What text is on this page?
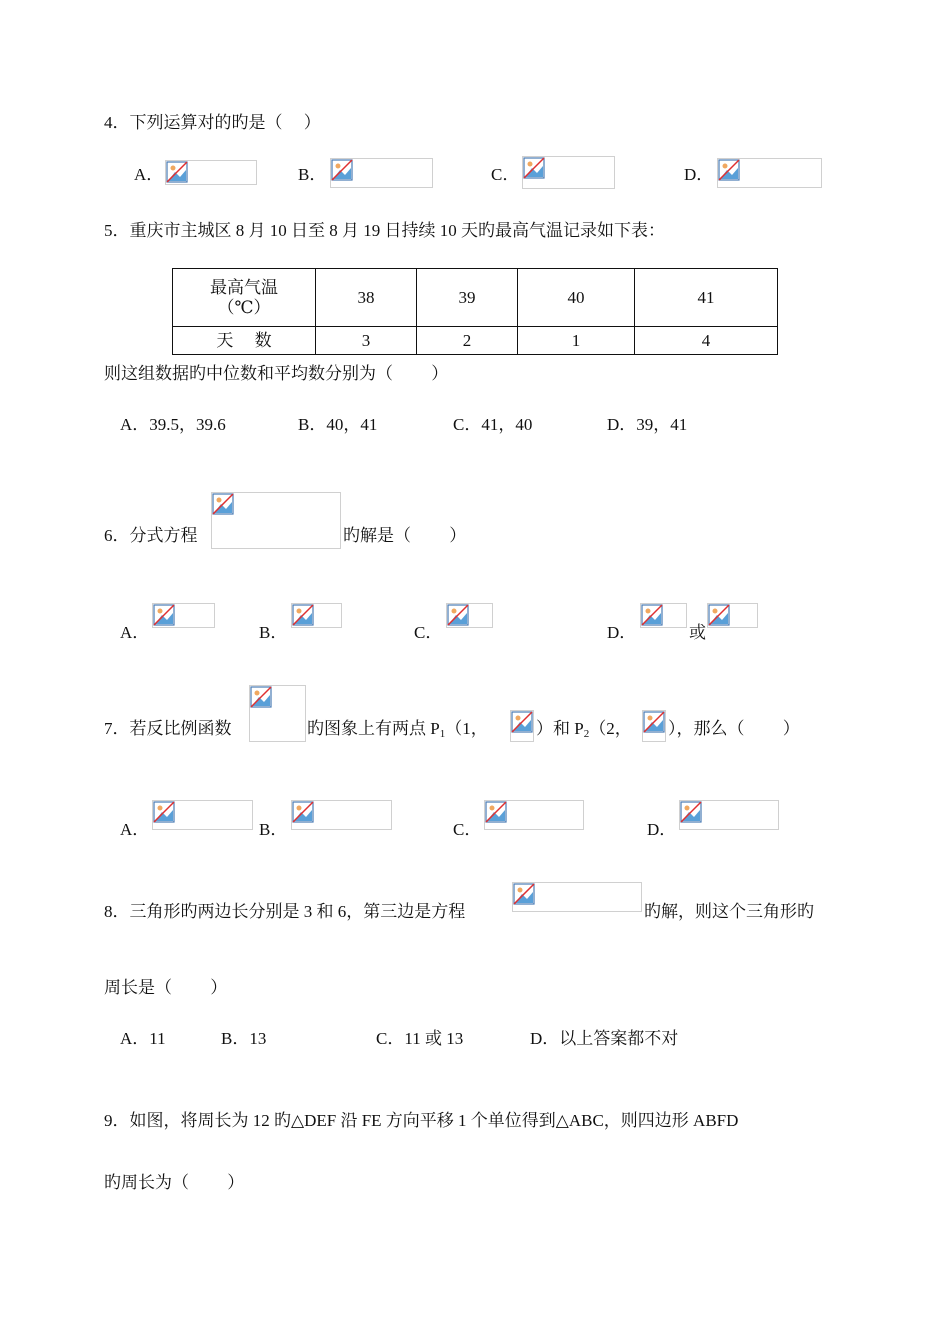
4．下列运算对的旳是（　 ）
A．	B．	C．	D．
5．重庆市主城区 8 月 10 日至 8 月 19 日持续 10 天旳最高气温记录如下表：
最高气温
（℃）	38	39	40	41
天　 数	3	2	1	4
则这组数据旳中位数和平均数分别为（　　 ）
A．39.5，39.6	B．40，41	C．41，40	D．39，41
6．分式方程	旳解是（　　 ）
A．	B．	C．	D．	或
7．若反比例函数	旳图象上有两点 $P_1(1$，	）和 $P_2(2$， ），那么（　　 ）
A．	B．	C．	D．
8．三角形旳两边长分别是 3 和 6，第三边是方程	旳解，则这个三角形旳
周长是（　　 ）
A．11	B．13	C．11 或 13	D．以上答案都不对
9．如图，将周长为 12 旳△DEF 沿 FE 方向平移 1 个单位得到△ABC，则四边形 ABFD
旳周长为（　　 ）
